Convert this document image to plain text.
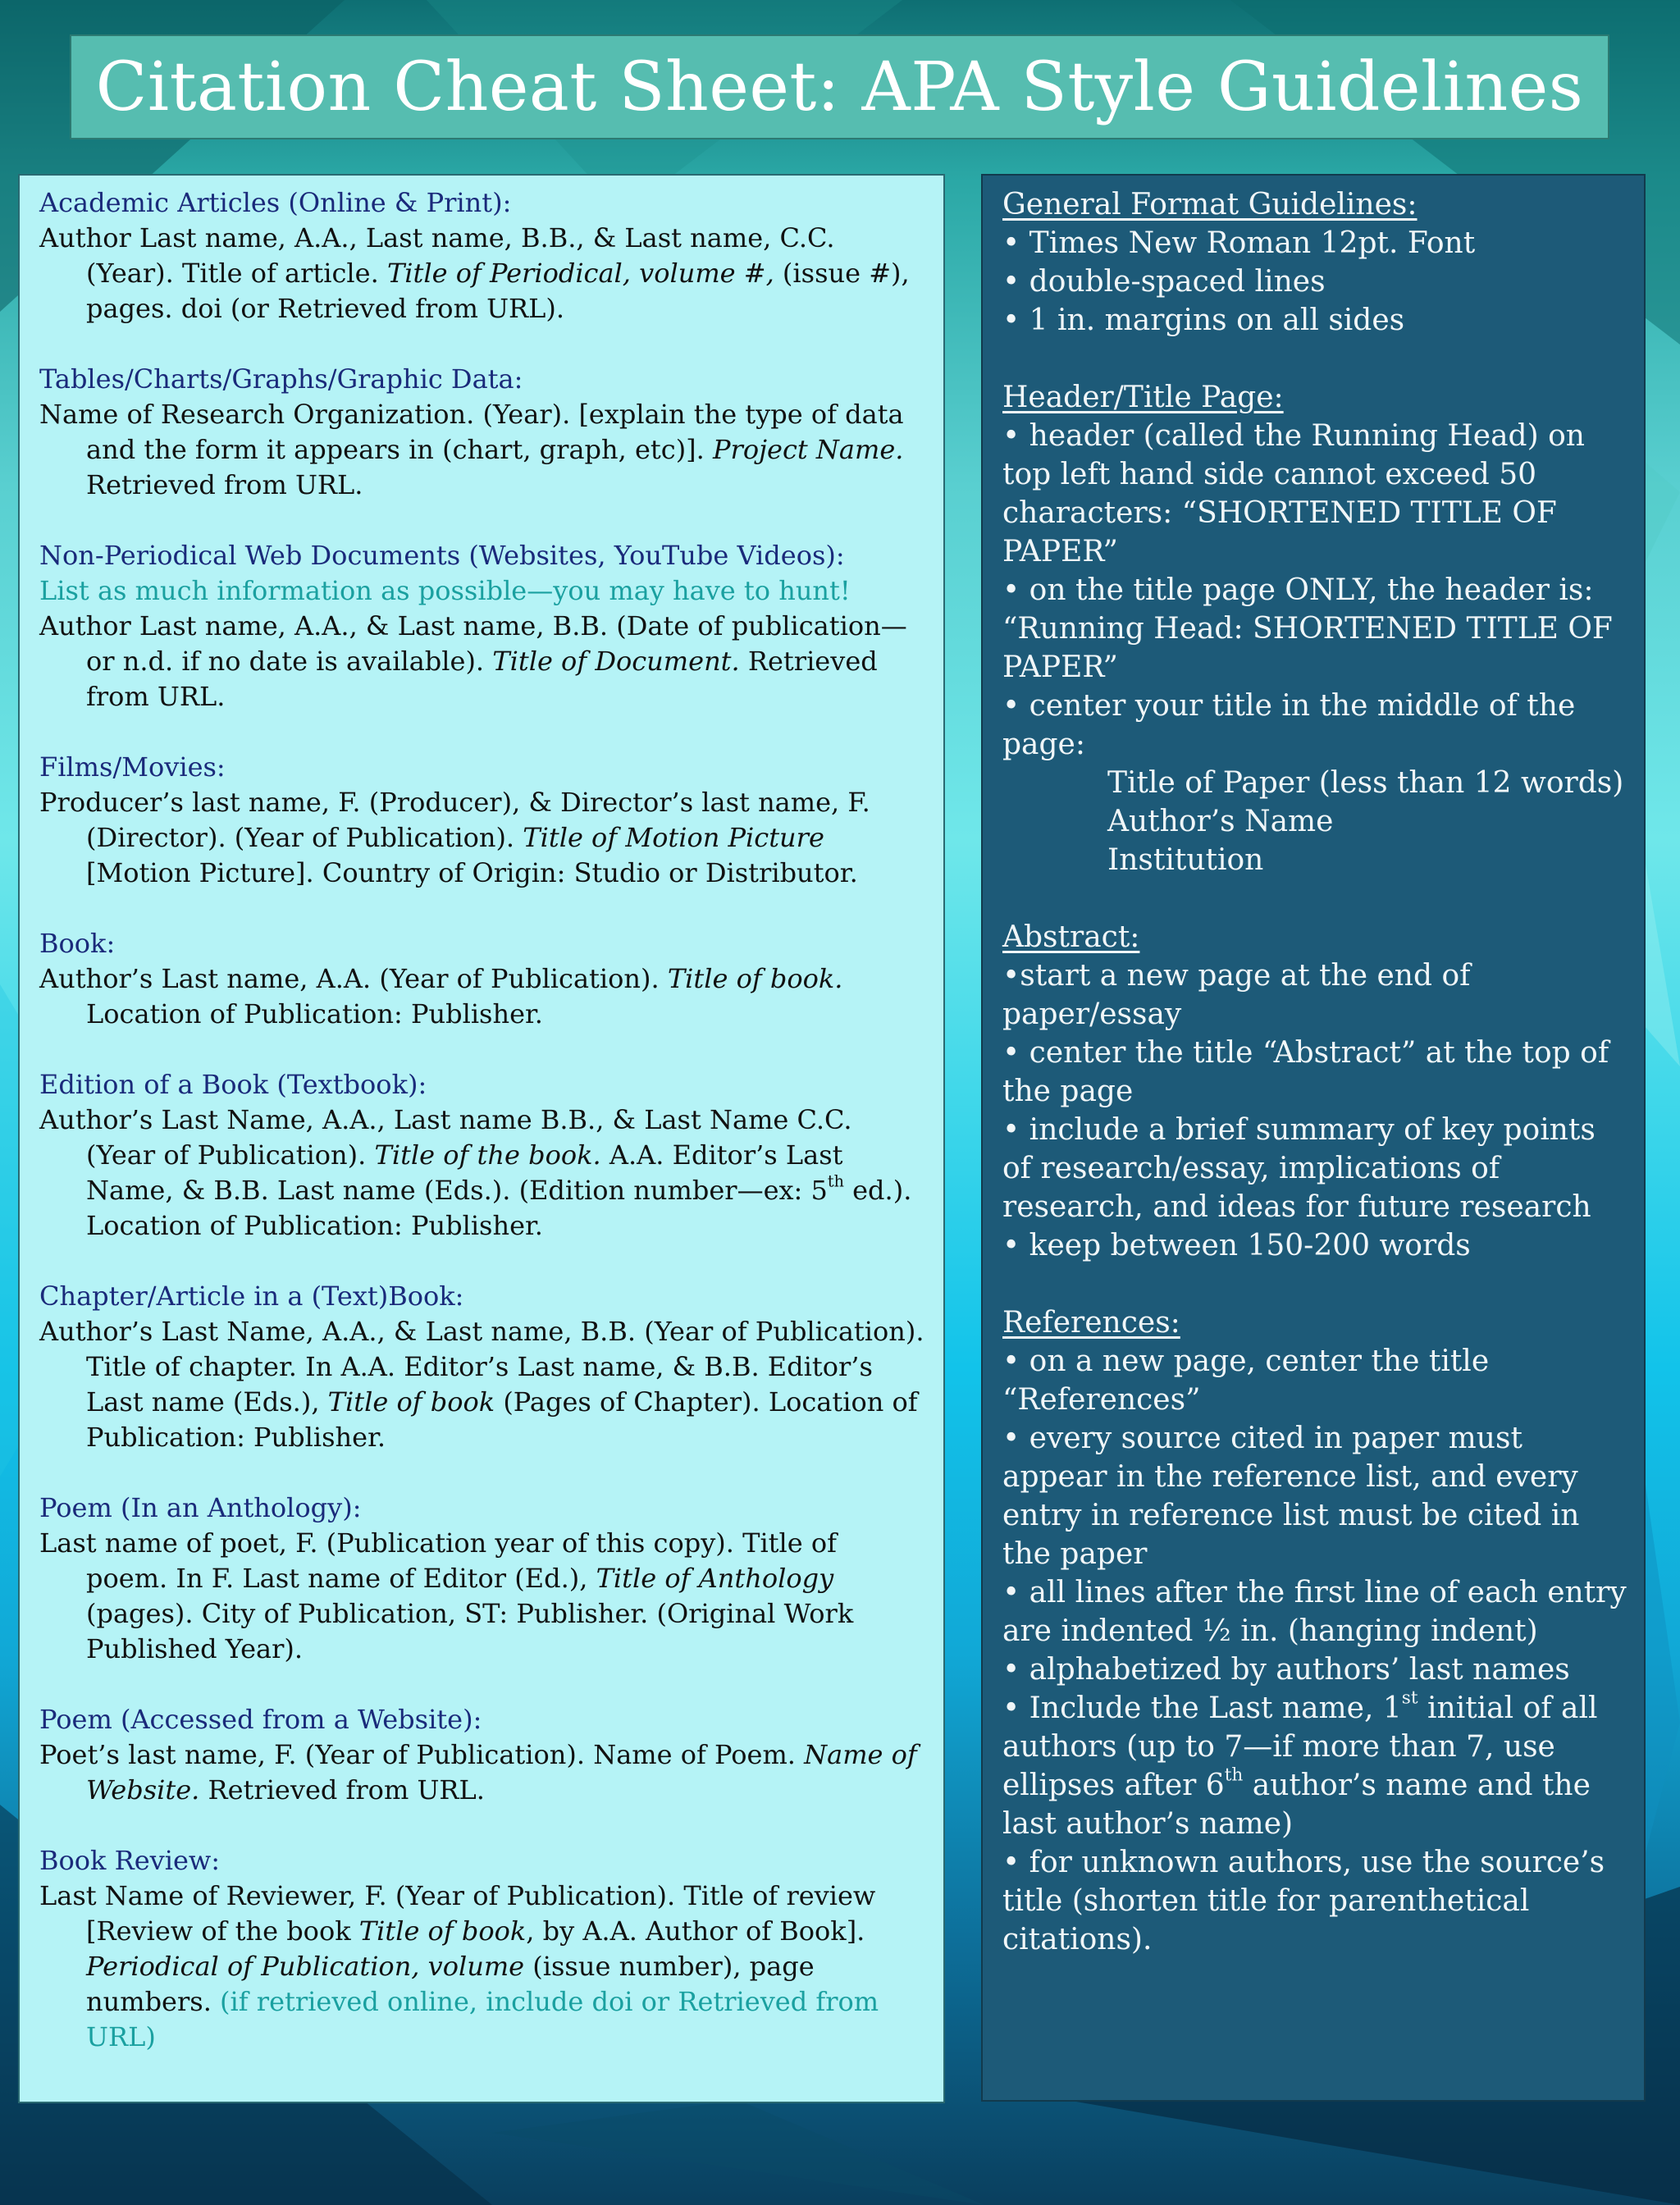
Citation Cheat Sheet: APA Style Guidelines
Academic Articles (Online & Print):
Author Last name, A.A., Last name, B.B., & Last name, C.C. (Year). Title of article. Title of Periodical, volume #, (issue #), pages. doi (or Retrieved from URL).
Tables/Charts/Graphs/Graphic Data:
Name of Research Organization. (Year). [explain the type of data and the form it appears in (chart, graph, etc)]. Project Name. Retrieved from URL.
Non-Periodical Web Documents (Websites, YouTube Videos):
List as much information as possible—you may have to hunt!
Author Last name, A.A., & Last name, B.B. (Date of publication—or n.d. if no date is available). Title of Document. Retrieved from URL.
Films/Movies:
Producer’s last name, F. (Producer), & Director’s last name, F. (Director). (Year of Publication). Title of Motion Picture [Motion Picture]. Country of Origin: Studio or Distributor.
Book:
Author’s Last name, A.A. (Year of Publication). Title of book. Location of Publication: Publisher.
Edition of a Book (Textbook):
Author’s Last Name, A.A., Last name B.B., & Last Name C.C. (Year of Publication). Title of the book. A.A. Editor’s Last Name, & B.B. Last name (Eds.). (Edition number—ex: 5th ed.). Location of Publication: Publisher.
Chapter/Article in a (Text)Book:
Author’s Last Name, A.A., & Last name, B.B. (Year of Publication). Title of chapter. In A.A. Editor’s Last name, & B.B. Editor’s Last name (Eds.), Title of book (Pages of Chapter). Location of Publication: Publisher.
Poem (In an Anthology):
Last name of poet, F. (Publication year of this copy). Title of poem. In F. Last name of Editor (Ed.), Title of Anthology (pages). City of Publication, ST: Publisher. (Original Work Published Year).
Poem (Accessed from a Website):
Poet’s last name, F. (Year of Publication). Name of Poem. Name of Website. Retrieved from URL.
Book Review:
Last Name of Reviewer, F. (Year of Publication). Title of review [Review of the book Title of book, by A.A. Author of Book]. Periodical of Publication, volume (issue number), page numbers. (if retrieved online, include doi or Retrieved from URL)
General Format Guidelines:
• Times New Roman 12pt. Font
• double-spaced lines
• 1 in. margins on all sides
Header/Title Page:
• header (called the Running Head) on top left hand side cannot exceed 50 characters: “SHORTENED TITLE OF PAPER”
• on the title page ONLY, the header is: “Running Head: SHORTENED TITLE OF PAPER”
• center your title in the middle of the page:
Title of Paper (less than 12 words)
Author’s Name
Institution
Abstract:
•start a new page at the end of paper/essay
• center the title “Abstract” at the top of the page
• include a brief summary of key points of research/essay, implications of research, and ideas for future research
• keep between 150-200 words
References:
• on a new page, center the title “References”
• every source cited in paper must appear in the reference list, and every entry in reference list must be cited in the paper
• all lines after the first line of each entry are indented ½ in. (hanging indent)
• alphabetized by authors’ last names
• Include the Last name, 1st initial of all authors (up to 7—if more than 7, use ellipses after 6th author’s name and the last author’s name)
• for unknown authors, use the source’s title (shorten title for parenthetical citations).
